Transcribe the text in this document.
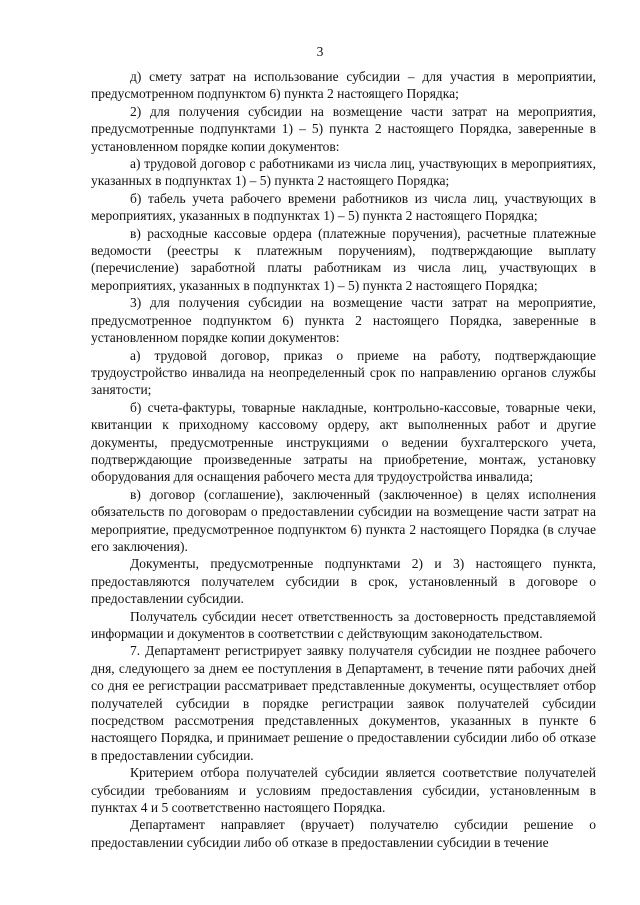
3

д) смету затрат на использование субсидии – для участия в мероприятии, предусмотренном подпунктом 6) пункта 2 настоящего Порядка;

2) для получения субсидии на возмещение части затрат на мероприятия, предусмотренные подпунктами 1) – 5) пункта 2 настоящего Порядка, заверенные в установленном порядке копии документов:

а) трудовой договор с работниками из числа лиц, участвующих в мероприятиях, указанных в подпунктах 1) – 5) пункта 2 настоящего Порядка;

б) табель учета рабочего времени работников из числа лиц, участвующих в мероприятиях, указанных в подпунктах 1) – 5) пункта 2 настоящего Порядка;

в) расходные кассовые ордера (платежные поручения), расчетные платежные ведомости (реестры к платежным поручениям), подтверждающие выплату (перечисление) заработной платы работникам из числа лиц, участвующих в мероприятиях, указанных в подпунктах 1) – 5) пункта 2 настоящего Порядка;

3) для получения субсидии на возмещение части затрат на мероприятие, предусмотренное подпунктом 6) пункта 2 настоящего Порядка, заверенные в установленном порядке копии документов:

а) трудовой договор, приказ о приеме на работу, подтверждающие трудоустройство инвалида на неопределенный срок по направлению органов службы занятости;

б) счета-фактуры, товарные накладные, контрольно-кассовые, товарные чеки, квитанции к приходному кассовому ордеру, акт выполненных работ и другие документы, предусмотренные инструкциями о ведении бухгалтерского учета, подтверждающие произведенные затраты на приобретение, монтаж, установку оборудования для оснащения рабочего места для трудоустройства инвалида;

в) договор (соглашение), заключенный (заключенное) в целях исполнения обязательств по договорам о предоставлении субсидии на возмещение части затрат на мероприятие, предусмотренное подпунктом 6) пункта 2 настоящего Порядка (в случае его заключения).

Документы, предусмотренные подпунктами 2) и 3) настоящего пункта, предоставляются получателем субсидии в срок, установленный в договоре о предоставлении субсидии.

Получатель субсидии несет ответственность за достоверность представляемой информации и документов в соответствии с действующим законодательством.

7. Департамент регистрирует заявку получателя субсидии не позднее рабочего дня, следующего за днем ее поступления в Департамент, в течение пяти рабочих дней со дня ее регистрации рассматривает представленные документы, осуществляет отбор получателей субсидии в порядке регистрации заявок получателей субсидии посредством рассмотрения представленных документов, указанных в пункте 6 настоящего Порядка, и принимает решение о предоставлении субсидии либо об отказе в предоставлении субсидии.

Критерием отбора получателей субсидии является соответствие получателей субсидии требованиям и условиям предоставления субсидии, установленным в пунктах 4 и 5 соответственно настоящего Порядка.

Департамент направляет (вручает) получателю субсидии решение о предоставлении субсидии либо об отказе в предоставлении субсидии в течение
